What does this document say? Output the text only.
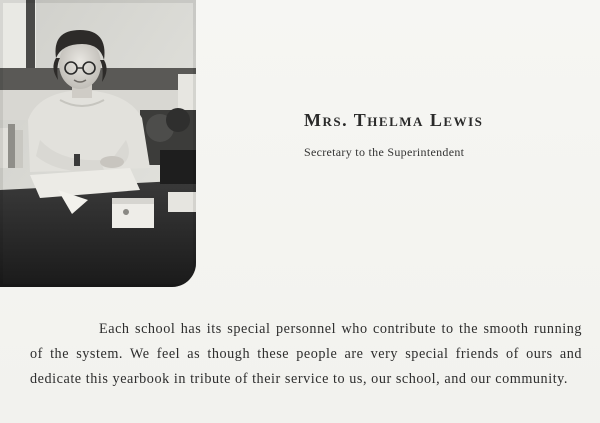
Mrs. Thelma Lewis
Secretary to the Superintendent

Each school has its special personnel who contribute to the smooth running of the system. We feel as though these people are very special friends of ours and dedicate this yearbook in tribute of their service to us, our school, and our community.
